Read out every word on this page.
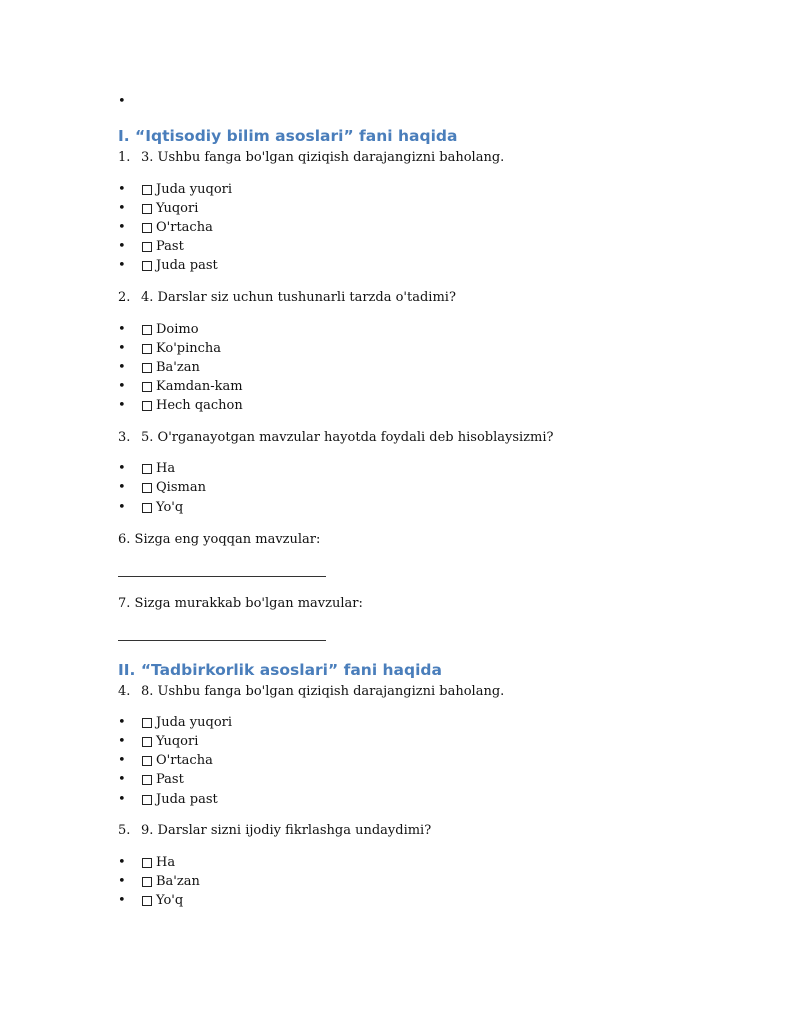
•
I. “Iqtisodiy bilim asoslari” fani haqida
1. 3. Ushbu fanga bo'lgan qiziqish darajangizni baholang.
• Juda yuqori
• Yuqori
• O'rtacha
• Past
• Juda past
2. 4. Darslar siz uchun tushunarli tarzda o'tadimi?
• Doimo
• Ko'pincha
• Ba'zan
• Kamdan-kam
• Hech qachon
3. 5. O'rganayotgan mavzular hayotda foydali deb hisoblaysizmi?
• Ha
• Qisman
• Yo'q
6. Sizga eng yoqqan mavzular:
7. Sizga murakkab bo'lgan mavzular:
II. “Tadbirkorlik asoslari” fani haqida
4. 8. Ushbu fanga bo'lgan qiziqish darajangizni baholang.
• Juda yuqori
• Yuqori
• O'rtacha
• Past
• Juda past
5. 9. Darslar sizni ijodiy fikrlashga undaydimi?
• Ha
• Ba'zan
• Yo'q
